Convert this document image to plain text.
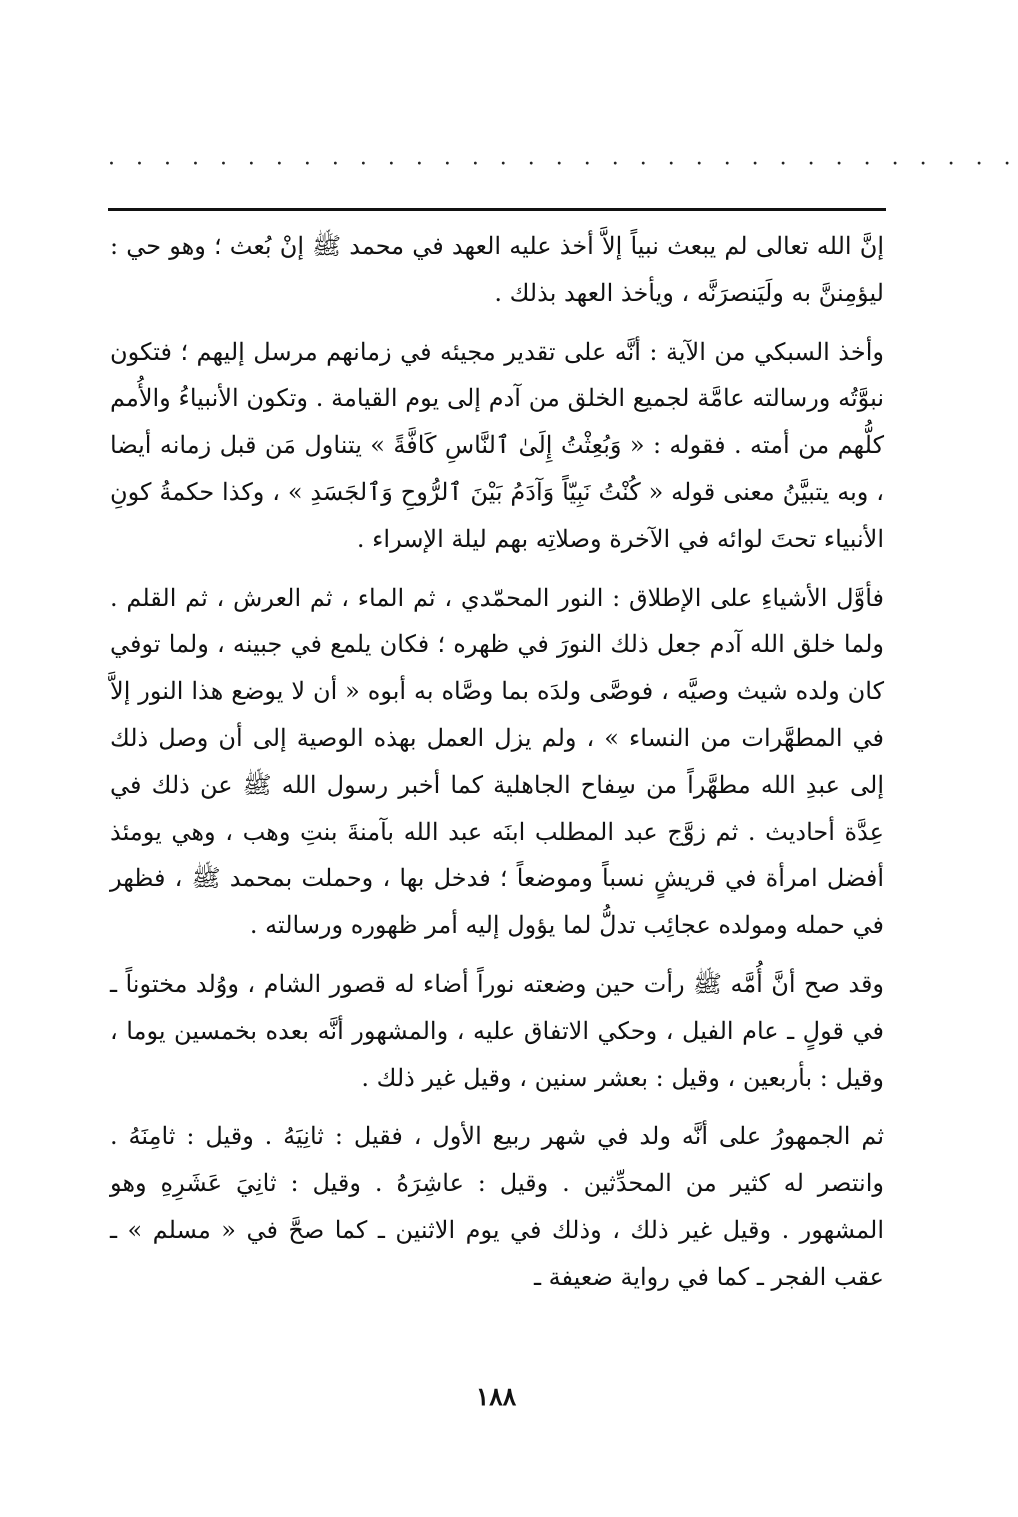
· · · · · · · · · · · · · · · · · · · · · · · · · · · · · · · · ·

إنَّ الله تعالى لم يبعث نبياً إلاَّ أخذ عليه العهد في محمد ﷺ إنْ بُعث ؛ وهو حي : ليؤمِننَّ به ولَيَنصرَنَّه ، ويأخذ العهد بذلك .

وأخذ السبكي من الآية : أنَّه على تقدير مجيئه في زمانهم مرسل إليهم ؛ فتكون نبوَّتُه ورسالته عامَّة لجميع الخلق من آدم إلى يوم القيامة . وتكون الأنبياءُ والأُمم كلُّهم من أمته . فقوله : « وَبُعِثْتُ إِلَىٰ ٱلنَّاسِ كَافَّةً » يتناول مَن قبل زمانه أيضا ، وبه يتبيَّنُ معنى قوله « كُنْتُ نَبِيّاً وَآدَمُ بَيْنَ ٱلرُّوحِ وَٱلجَسَدِ » ، وكذا حكمةُ كونِ الأنبياء تحتَ لوائه في الآخرة وصلاتِه بهم ليلة الإسراء .

فأوَّل الأشياءِ على الإطلاق : النور المحمّدي ، ثم الماء ، ثم العرش ، ثم القلم . ولما خلق الله آدم جعل ذلك النورَ في ظهره ؛ فكان يلمع في جبينه ، ولما توفي كان ولده شيث وصيَّه ، فوصَّى ولدَه بما وصَّاه به أبوه « أن لا يوضع هذا النور إلاَّ في المطهَّرات من النساء » ، ولم يزل العمل بهذه الوصية إلى أن وصل ذلك إلى عبدِ الله مطهَّراً من سِفاح الجاهلية كما أخبر رسول الله ﷺ عن ذلك في عِدَّة أحاديث . ثم زوَّج عبد المطلب ابنَه عبد الله بآمنةَ بنتِ وهب ، وهي يومئذ أفضل امرأة في قريشٍ نسباً وموضعاً ؛ فدخل بها ، وحملت بمحمد ﷺ ، فظهر في حمله ومولده عجائِب تدلُّ لما يؤول إليه أمر ظهوره ورسالته .

وقد صح أنَّ أُمَّه ﷺ رأت حين وضعته نوراً أضاء له قصور الشام ، ووُلد مختوناً ـ في قولٍ ـ عام الفيل ، وحكي الاتفاق عليه ، والمشهور أنَّه بعده بخمسين يوما ، وقيل : بأربعين ، وقيل : بعشر سنين ، وقيل غير ذلك .

ثم الجمهورُ على أنَّه ولد في شهر ربيع الأول ، فقيل : ثانِيَهُ . وقيل : ثامِنَهُ . وانتصر له كثير من المحدِّثين . وقيل : عاشِرَهُ . وقيل : ثانِيَ عَشَرِهِ وهو المشهور . وقيل غير ذلك ، وذلك في يوم الاثنين ـ كما صحَّ في « مسلم » ـ عقب الفجر ـ كما في رواية ضعيفة ـ

١٨٨
